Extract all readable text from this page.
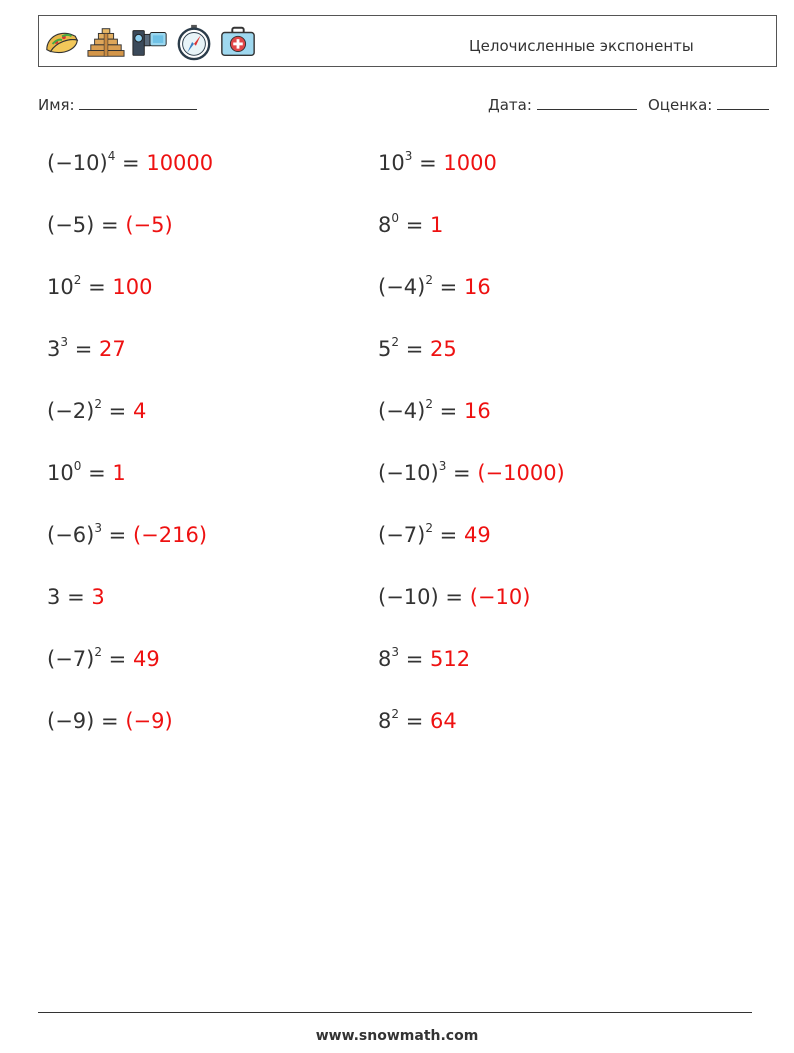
Целочисленные экспоненты
Имя:	Дата:	Оценка:
$(-10)^4 = 10000$	$10^3 = 1000$
(−5) = (−5)	$8^0 = 1$
$10^2 = 100$	$(-4)^2 = 16$
$3^3 = 27$	$5^2 = 25$
$(-2)^2 = 4$	$(-4)^2 = 16$
$10^0 = 1$	$(-10)^3 = (-1000)$
$(-6)^3 = (-216)$	$(-7)^2 = 49$
3 = 3	(−10) = (−10)
$(-7)^2 = 49$	$8^3 = 512$
(−9) = (−9)	$8^2 = 64$
www.snowmath.com
